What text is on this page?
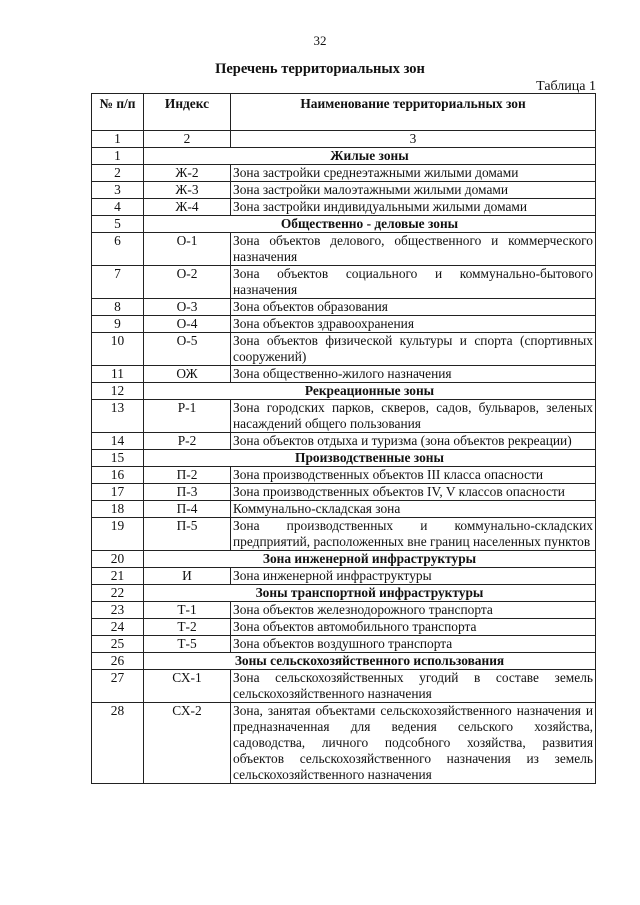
32
Перечень территориальных зон
Таблица 1
№ п/п	Индекс	Наименование территориальных зон
1	2	3
1	Жилые зоны	
2	Ж-2	Зона застройки среднеэтажными жилыми домами
3	Ж-3	Зона застройки малоэтажными жилыми домами
4	Ж-4	Зона застройки индивидуальными жилыми домами
5	Общественно - деловые зоны	
6	О-1	Зона объектов делового, общественного и коммерческого назначения
7	О-2	Зона объектов социального и коммунально-бытового назначения
8	О-3	Зона объектов образования
9	О-4	Зона объектов здравоохранения
10	О-5	Зона объектов физической культуры и спорта (спортивных сооружений)
11	ОЖ	Зона общественно-жилого назначения
12	Рекреационные зоны	
13	Р-1	Зона городских парков, скверов, садов, бульваров, зеленых насаждений общего пользования
14	Р-2	Зона объектов отдыха и туризма (зона объектов рекреации)
15	Производственные зоны	
16	П-2	Зона производственных объектов III класса опасности
17	П-3	Зона производственных объектов IV, V классов опасности
18	П-4	Коммунально-складская зона
19	П-5	Зона производственных и коммунально-складских предприятий, расположенных вне границ населенных пунктов
20	Зона инженерной инфраструктуры	
21	И	Зона инженерной инфраструктуры
22	Зоны транспортной инфраструктуры	
23	Т-1	Зона объектов железнодорожного транспорта
24	Т-2	Зона объектов автомобильного транспорта
25	Т-5	Зона объектов воздушного транспорта
26	Зоны сельскохозяйственного использования	
27	СХ-1	Зона сельскохозяйственных угодий в составе земель сельскохозяйственного назначения
28	СХ-2	Зона, занятая объектами сельскохозяйственного назначения и предназначенная для ведения сельского хозяйства, садоводства, личного подсобного хозяйства, развития объектов сельскохозяйственного назначения из земель сельскохозяйственного назначения
